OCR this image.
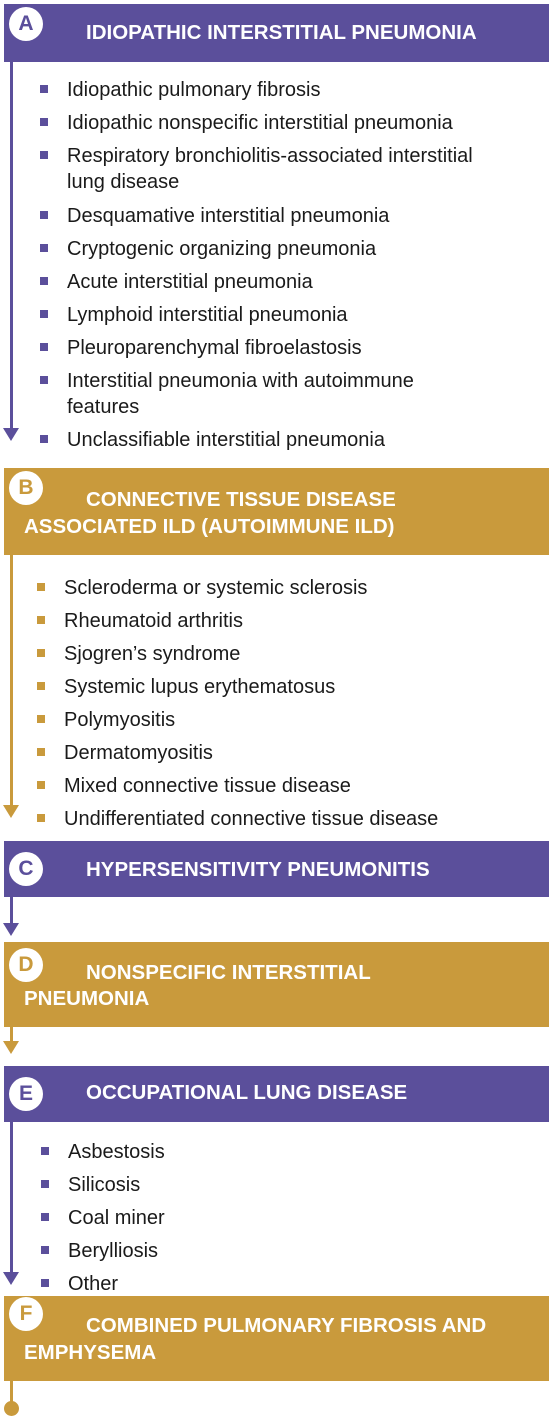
A	IDIOPATHIC INTERSTITIAL PNEUMONIA
Idiopathic pulmonary fibrosis
Idiopathic nonspecific interstitial pneumonia
Respiratory bronchiolitis-associated interstitial
lung disease
Desquamative interstitial pneumonia
Cryptogenic organizing pneumonia
Acute interstitial pneumonia
Lymphoid interstitial pneumonia
Pleuroparenchymal fibroelastosis
Interstitial pneumonia with autoimmune
features
Unclassifiable interstitial pneumonia
B
CONNECTIVE TISSUE DISEASE
ASSOCIATED ILD (AUTOIMMUNE ILD)
Scleroderma or systemic sclerosis
Rheumatoid arthritis
Sjogren’s syndrome
Systemic lupus erythematosus
Polymyositis
Dermatomyositis
Mixed connective tissue disease
Undifferentiated connective tissue disease
C	HYPERSENSITIVITY PNEUMONITIS
D	NONSPECIFIC INTERSTITIAL
PNEUMONIA
E	OCCUPATIONAL LUNG DISEASE
Asbestosis
Silicosis
Coal miner
Berylliosis
Other
F
COMBINED PULMONARY FIBROSIS AND
EMPHYSEMA
